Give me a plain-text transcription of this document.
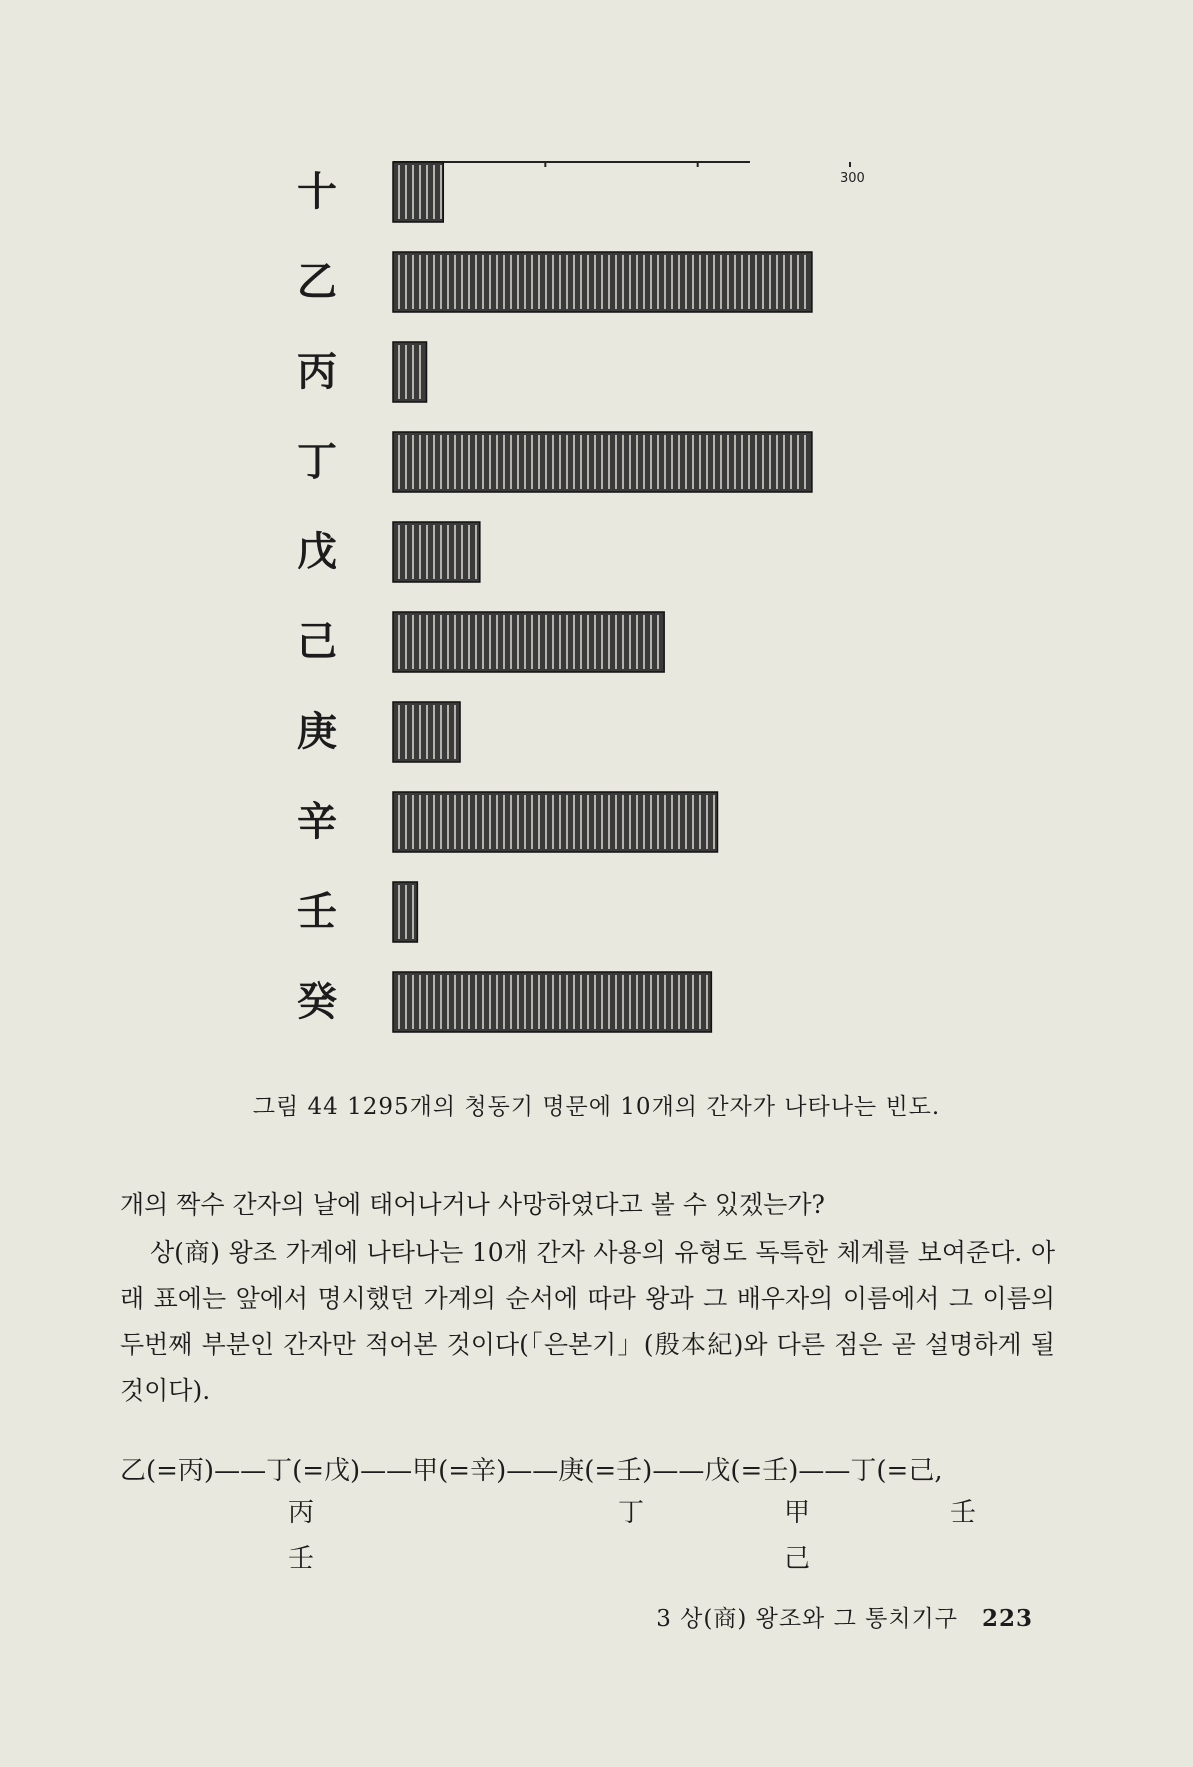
300
十
乙
丙
丁
戊
己
庚
辛
壬
癸
그림 44 1295개의 청동기 명문에 10개의 간자가 나타나는 빈도.
개의 짝수 간자의 날에 태어나거나 사망하였다고 볼 수 있겠는가?
상(商) 왕조 가계에 나타나는 10개 간자 사용의 유형도 독특한 체계를 보여준다. 아래 표에는 앞에서 명시했던 가계의 순서에 따라 왕과 그 배우자의 이름에서 그 이름의 두번째 부분인 간자만 적어본 것이다(「은본기」(殷本紀)와 다른 점은 곧 설명하게 될 것이다).
乙(=丙)——丁(=戊)——甲(=辛)——庚(=壬)——戊(=壬)——丁(=己,
丙
壬
丁	甲
己
壬
3 상(商) 왕조와 그 통치기구 223
